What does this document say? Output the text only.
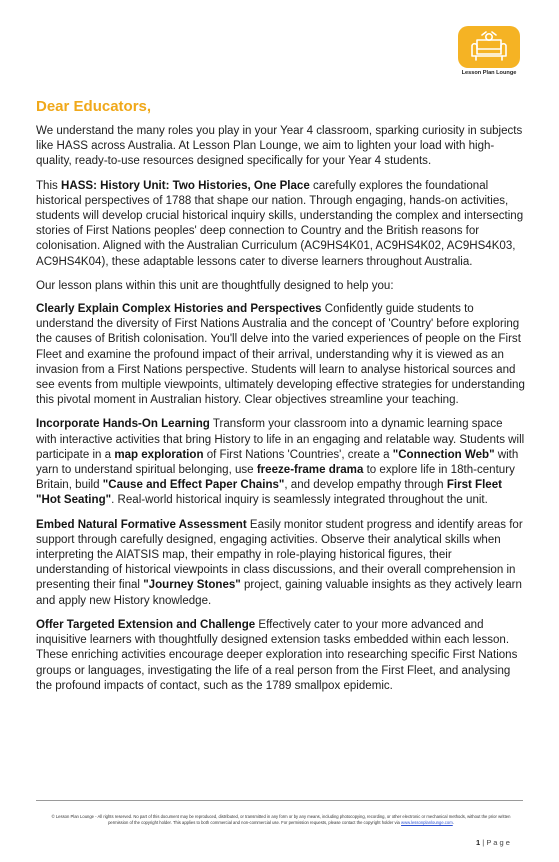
Lesson Plan Lounge
Dear Educators,

We understand the many roles you play in your Year 4 classroom, sparking curiosity in subjects like HASS across Australia. At Lesson Plan Lounge, we aim to lighten your load with high-quality, ready-to-use resources designed specifically for your Year 4 students.

This HASS: History Unit: Two Histories, One Place carefully explores the foundational historical perspectives of 1788 that shape our nation. Through engaging, hands-on activities, students will develop crucial historical inquiry skills, understanding the complex and intersecting stories of First Nations peoples' deep connection to Country and the British reasons for colonisation. Aligned with the Australian Curriculum (AC9HS4K01, AC9HS4K02, AC9HS4K03, AC9HS4K04), these adaptable lessons cater to diverse learners throughout Australia.

Our lesson plans within this unit are thoughtfully designed to help you:

Clearly Explain Complex Histories and Perspectives Confidently guide students to understand the diversity of First Nations Australia and the concept of 'Country' before exploring the causes of British colonisation. You'll delve into the varied experiences of people on the First Fleet and examine the profound impact of their arrival, understanding why it is viewed as an invasion from a First Nations perspective. Students will learn to analyse historical sources and see events from multiple viewpoints, ultimately developing effective strategies for understanding this pivotal moment in Australian history. Clear objectives streamline your teaching.

Incorporate Hands-On Learning Transform your classroom into a dynamic learning space with interactive activities that bring History to life in an engaging and relatable way. Students will participate in a map exploration of First Nations 'Countries', create a "Connection Web" with yarn to understand spiritual belonging, use freeze-frame drama to explore life in 18th-century Britain, build "Cause and Effect Paper Chains", and develop empathy through First Fleet "Hot Seating". Real-world historical inquiry is seamlessly integrated throughout the unit.

Embed Natural Formative Assessment Easily monitor student progress and identify areas for support through carefully designed, engaging activities. Observe their analytical skills when interpreting the AIATSIS map, their empathy in role-playing historical figures, their understanding of historical viewpoints in class discussions, and their overall comprehension in presenting their final "Journey Stones" project, gaining valuable insights as they actively learn and apply new History knowledge.

Offer Targeted Extension and Challenge Effectively cater to your more advanced and inquisitive learners with thoughtfully designed extension tasks embedded within each lesson. These enriching activities encourage deeper exploration into researching specific First Nations groups or languages, investigating the life of a real person from the First Fleet, and analysing the profound impacts of contact, such as the 1789 smallpox epidemic.

© Lesson Plan Lounge - All rights reserved. No part of this document may be reproduced, distributed, or transmitted in any form or by any means, including photocopying, recording, or other electronic or mechanical methods, without the prior written permission of the copyright holder. This applies to both commercial and non-commercial use. For permission requests, please contact the copyright holder via www.lessonplanlounge.com.
1 | P a g e
